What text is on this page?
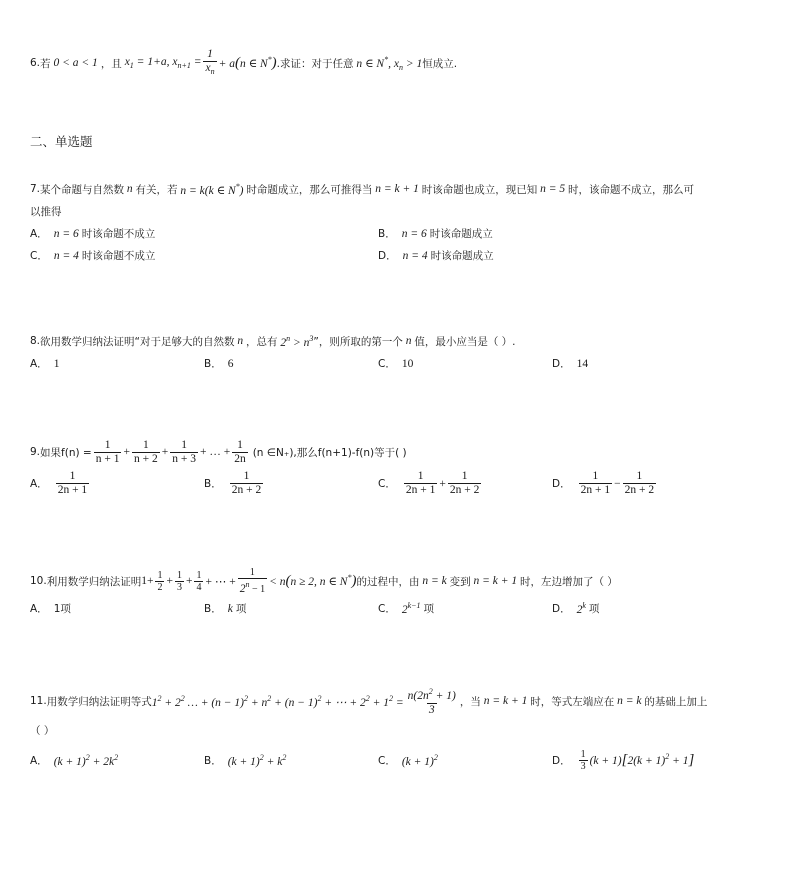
6. 若 0 < a < 1 ，且 $x_1 = 1+a$, $x_{n+1} = \frac{1}{x_n} + a(n$ ∈ N*) .求证：对于任意 n ∈ N*, $x_n > 1$ 恒成立.
二、单选题
7. 某个命题与自然数 n 有关，若 n = k(k ∈ N*) 时命题成立，那么可推得当 n = k + 1 时该命题也成立，现已知 n = 5 时，该命题不成立，那么可
以推得
A． n = 6 时该命题不成立	B． n = 6 时该命题成立
C． n = 4 时该命题不成立	D． n = 4 时该命题成立
8. 欲用数学归纳法证明“对于足够大的自然数 n ，总有 $2^n > n^3$ ”，则所取的第一个 n 值，最小应当是（ ）.
A． 1	B． 6	C． 10	D． 14
9. 如果$f(n) = \frac{1}{n + 1} + \frac{1}{n + 2} + \frac{1}{n + 3}$ + … + $\frac{1}{2n} (n$ ∈N₊),那么f(n+1)-f(n)等于( )
A． $\frac{1}{2n + 1}$	B． $\frac{1}{2n + 2}$	C． $\frac{1}{2n + 1} + \frac{1}{2n + 2}$	D． $\frac{1}{2n + 1} - \frac{1}{2n + 2}$
10. 利用数学归纳法证明 $1+ \frac{1}{2} + \frac{1}{3} + \frac{1}{4}$ + ⋯ + $\frac{1}{2^n - 1} < n(n \ge 2$, n ∈ N*) 的过程中，由 n = k 变到 n = k + 1 时，左边增加了（ ）
A． 1项	B． k 项	C． $2^{k-1}$ 项	D． 2$^k$ 项
11. 用数学归纳法证明等式 $1^2 + 2^2$ … + $(n - 1)^2 + n^2 + (n - 1)^2$ + ⋯ + $2^2 + 1^2 = \frac{n(2n^2 + 1)}{3}$ ，当 n = k + 1 时，等式左端应在 n = k 的基础上加上
（ ）
A． $(k + 1)^2 + 2k^2$	B． $(k + 1)^2 + k^2$	C． $(k + 1)^2$	D． $\frac{1}{3} (k + 1)[2(k + 1)^2 + 1]$
